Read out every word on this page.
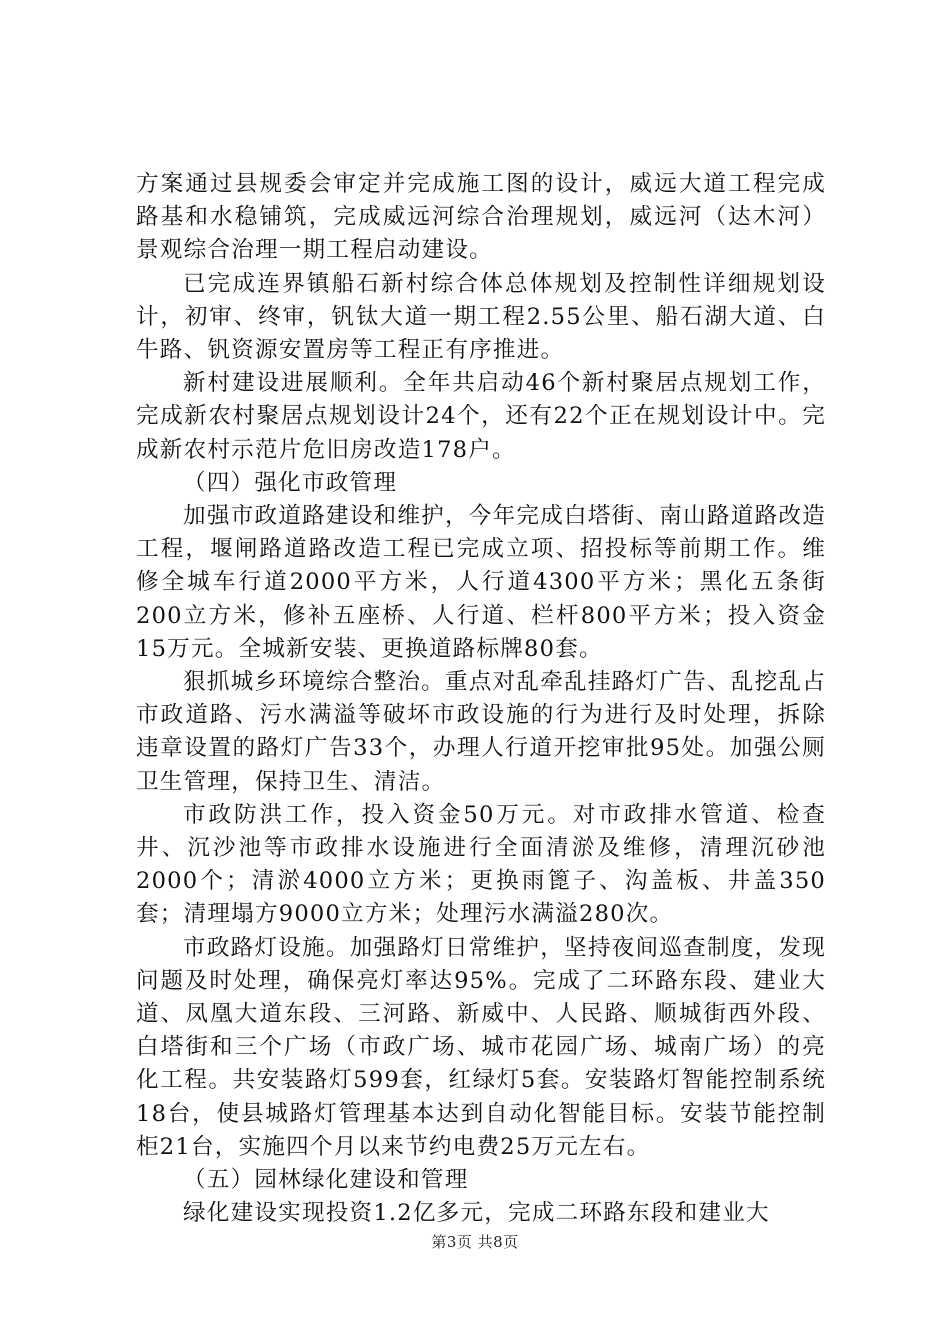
方案通过县规委会审定并完成施工图的设计，威远大道工程完成路基和水稳铺筑，完成威远河综合治理规划，威远河（达木河）景观综合治理一期工程启动建设。

已完成连界镇船石新村综合体总体规划及控制性详细规划设计，初审、终审，钒钛大道一期工程2.55公里、船石湖大道、白牛路、钒资源安置房等工程正有序推进。

新村建设进展顺利。全年共启动46个新村聚居点规划工作，完成新农村聚居点规划设计24个，还有22个正在规划设计中。完成新农村示范片危旧房改造178户。

（四）强化市政管理

加强市政道路建设和维护，今年完成白塔街、南山路道路改造工程，堰闸路道路改造工程已完成立项、招投标等前期工作。维修全城车行道2000平方米，人行道4300平方米；黑化五条街200立方米，修补五座桥、人行道、栏杆800平方米；投入资金15万元。全城新安装、更换道路标牌80套。

狠抓城乡环境综合整治。重点对乱牵乱挂路灯广告、乱挖乱占市政道路、污水满溢等破坏市政设施的行为进行及时处理，拆除违章设置的路灯广告33个，办理人行道开挖审批95处。加强公厕卫生管理，保持卫生、清洁。

市政防洪工作，投入资金50万元。对市政排水管道、检查井、沉沙池等市政排水设施进行全面清淤及维修，清理沉砂池2000个；清淤4000立方米；更换雨篦子、沟盖板、井盖350套；清理塌方9000立方米；处理污水满溢280次。

市政路灯设施。加强路灯日常维护，坚持夜间巡查制度，发现问题及时处理，确保亮灯率达95%。完成了二环路东段、建业大道、凤凰大道东段、三河路、新威中、人民路、顺城街西外段、白塔街和三个广场（市政广场、城市花园广场、城南广场）的亮化工程。共安装路灯599套，红绿灯5套。安装路灯智能控制系统18台，使县城路灯管理基本达到自动化智能目标。安装节能控制柜21台，实施四个月以来节约电费25万元左右。

（五）园林绿化建设和管理

绿化建设实现投资1.2亿多元，完成二环路东段和建业大

第3页 共8页
